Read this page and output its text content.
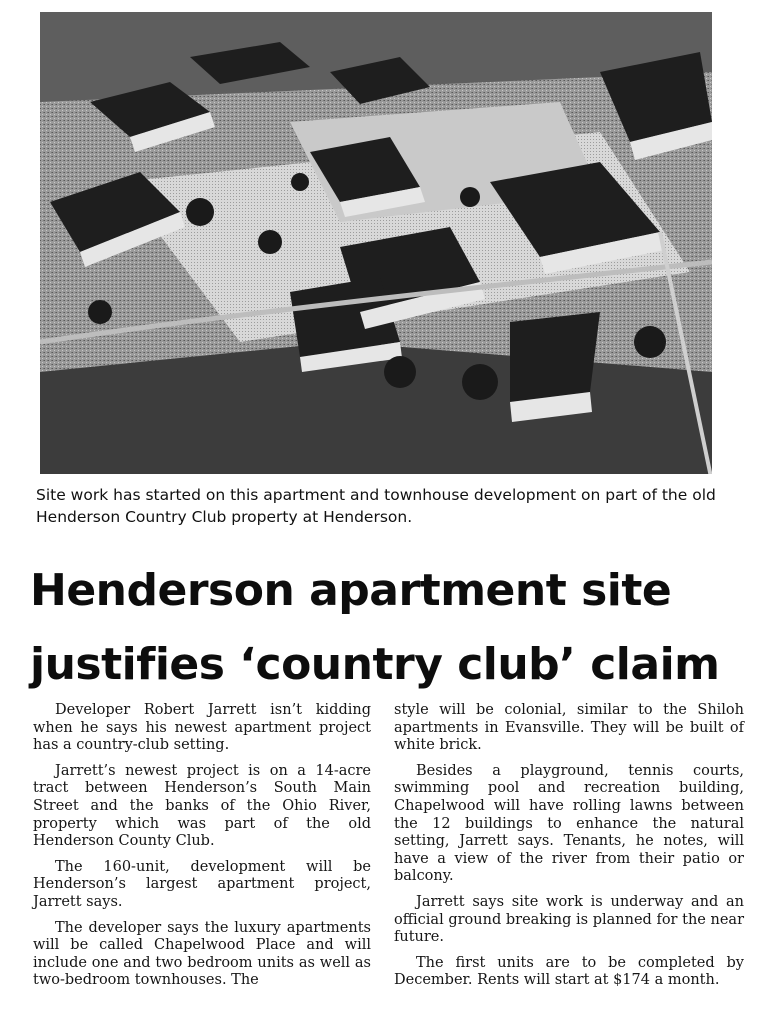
Site work has started on this apartment and townhouse development on part of the old Henderson Country Club property at Henderson.
Henderson apartment site
justifies ‘country club’ claim

Developer Robert Jarrett isn’t kidding when he says his newest apartment project has a country-club setting.

Jarrett’s newest project is on a 14-acre tract between Henderson’s South Main Street and the banks of the Ohio River, property which was part of the old Henderson County Club.

The 160-unit, development will be Henderson’s largest apartment project, Jarrett says.

The developer says the luxury apartments will be called Chapelwood Place and will include one and two bedroom units as well as two-bedroom townhouses. The

style will be colonial, similar to the Shiloh apartments in Evansville. They will be built of white brick.

Besides a playground, tennis courts, swimming pool and recreation building, Chapelwood will have rolling lawns between the 12 buildings to enhance the natural setting, Jarrett says. Tenants, he notes, will have a view of the river from their patio or balcony.

Jarrett says site work is underway and an official ground breaking is planned for the near future.

The first units are to be completed by December. Rents will start at $174 a month.
